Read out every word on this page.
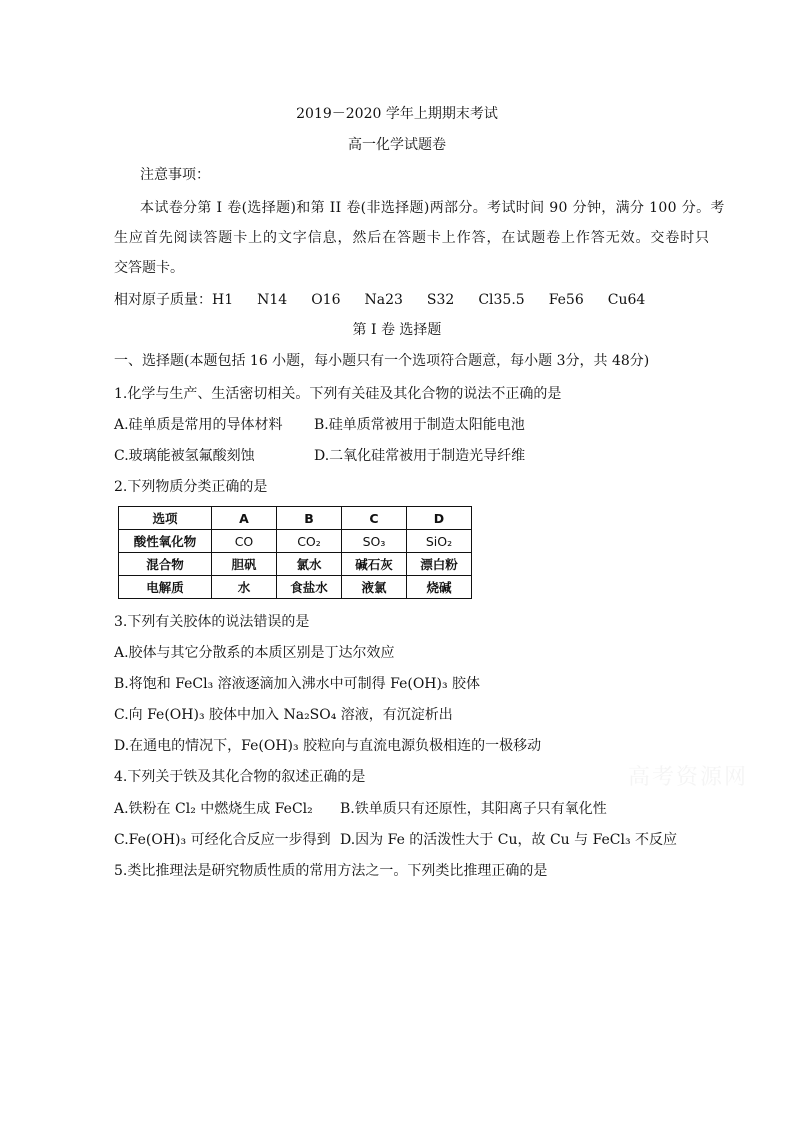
2019－2020 学年上期期末考试
高一化学试题卷
注意事项：
本试卷分第 I 卷(选择题)和第 II 卷(非选择题)两部分。考试时间 90 分钟，满分 100 分。考
生应首先阅读答题卡上的文字信息，然后在答题卡上作答，在试题卷上作答无效。交卷时只
交答题卡。
相对原子质量：H1 N14 O16 Na23 S32 Cl35.5 Fe56 Cu64
第 I 卷 选择题
一、选择题(本题包括 16 小题，每小题只有一个选项符合题意，每小题 3分，共 48分)
1.化学与生产、生活密切相关。下列有关硅及其化合物的说法不正确的是
A.硅单质是常用的导体材料 B.硅单质常被用于制造太阳能电池
C.玻璃能被氢氟酸刻蚀	D.二氧化硅常被用于制造光导纤维
2.下列物质分类正确的是
选项	A	B	C	D
酸性氧化物	CO	CO₂	SO₃	SiO₂
混合物	胆矾	氯水	碱石灰	漂白粉
电解质	水	食盐水	液氯	烧碱
3.下列有关胶体的说法错误的是
A.胶体与其它分散系的本质区别是丁达尔效应
B.将饱和 FeCl₃ 溶液逐滴加入沸水中可制得 Fe(OH)₃ 胶体
C.向 Fe(OH)₃ 胶体中加入 Na₂SO₄ 溶液，有沉淀析出
D.在通电的情况下，Fe(OH)₃ 胶粒向与直流电源负极相连的一极移动
4.下列关于铁及其化合物的叙述正确的是
A.铁粉在 Cl₂ 中燃烧生成 FeCl₂ B.铁单质只有还原性，其阳离子只有氧化性
C.Fe(OH)₃ 可经化合反应一步得到 D.因为 Fe 的活泼性大于 Cu，故 Cu 与 FeCl₃ 不反应
5.类比推理法是研究物质性质的常用方法之一。下列类比推理正确的是
高考资源网
